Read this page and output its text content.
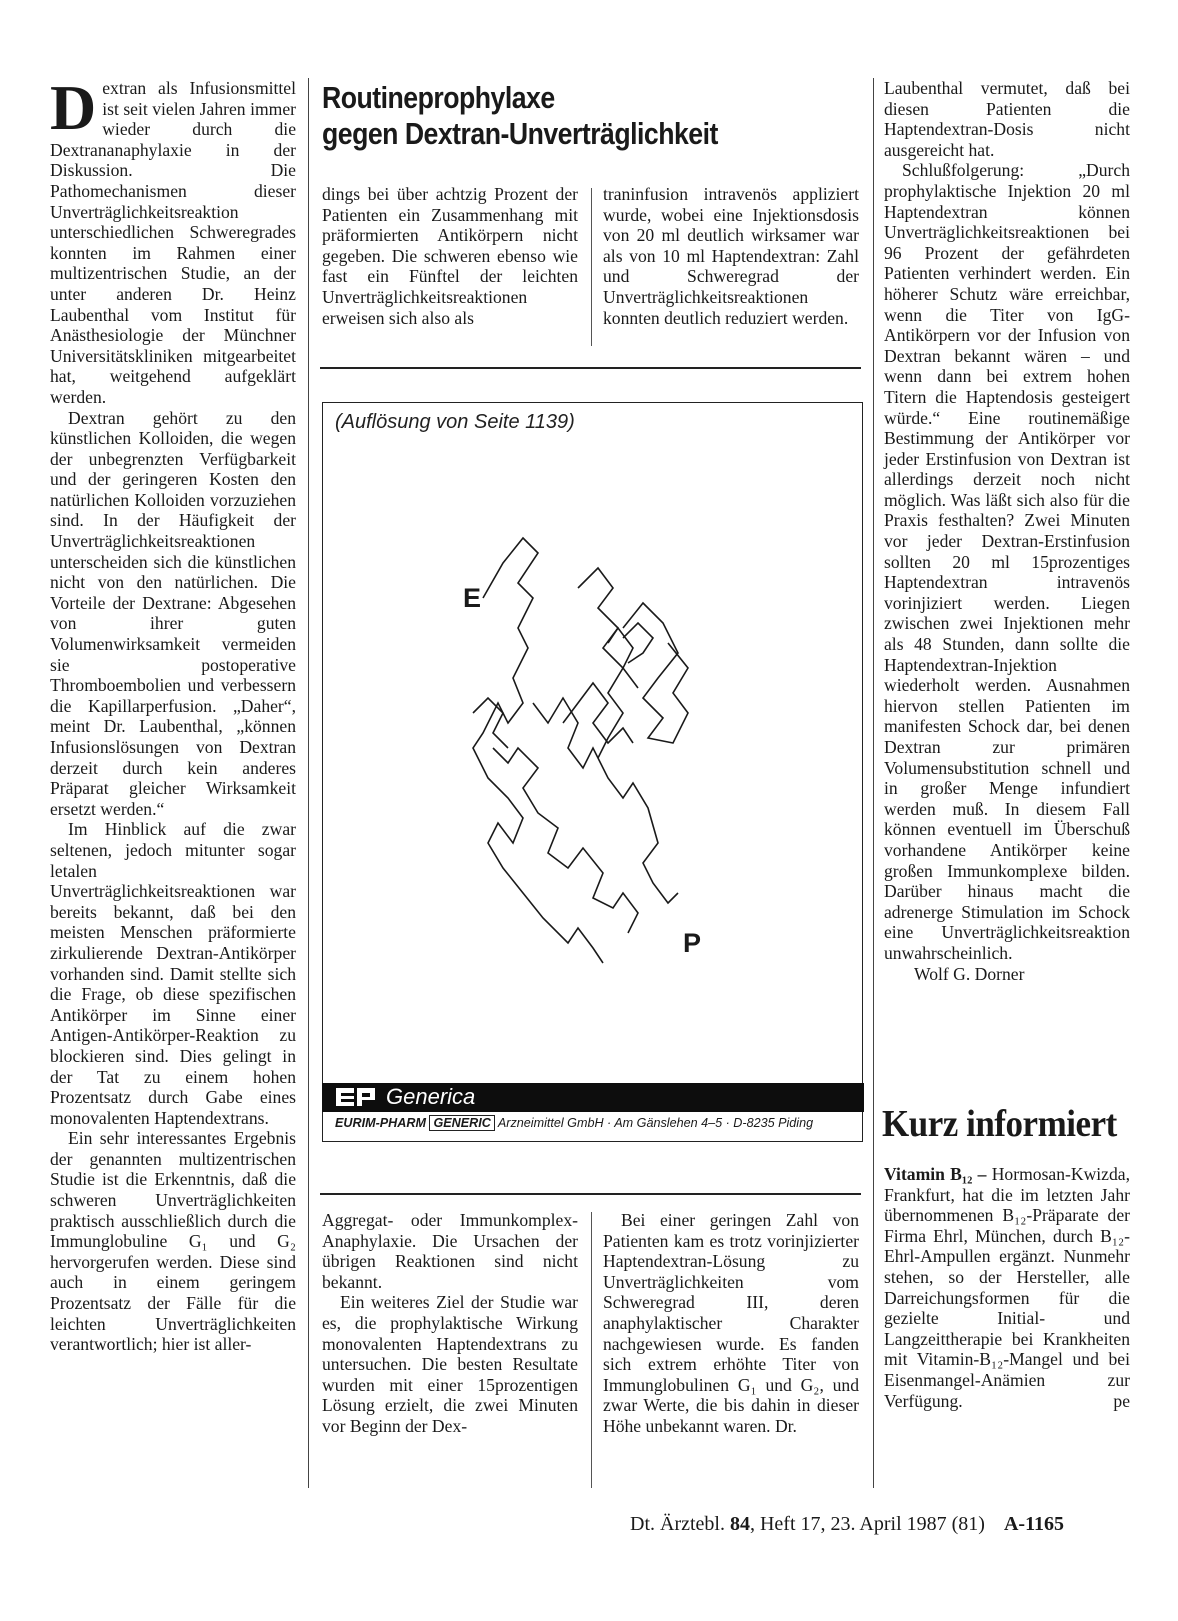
Dextran als Infusionsmittel ist seit vielen Jahren immer wieder durch die Dextrananaphylaxie in der Diskussion. Die Pathomechanismen dieser Unverträglichkeitsreaktion unterschiedlichen Schweregrades konnten im Rahmen einer multizentrischen Studie, an der unter anderen Dr. Heinz Laubenthal vom Institut für Anästhesiologie der Münchner Universitätskliniken mitgearbeitet hat, weitgehend aufgeklärt werden.

Dextran gehört zu den künstlichen Kolloiden, die wegen der unbegrenzten Verfügbarkeit und der geringeren Kosten den natürlichen Kolloiden vorzuziehen sind. In der Häufigkeit der Unverträglichkeitsreaktionen unterscheiden sich die künstlichen nicht von den natürlichen. Die Vorteile der Dextrane: Abgesehen von ihrer guten Volumenwirksamkeit vermeiden sie postoperative Thromboembolien und verbessern die Kapillarperfusion. „Daher“, meint Dr. Laubenthal, „können Infusionslösungen von Dextran derzeit durch kein anderes Präparat gleicher Wirksamkeit ersetzt werden.“

Im Hinblick auf die zwar seltenen, jedoch mitunter sogar letalen Unverträglichkeitsreaktionen war bereits bekannt, daß bei den meisten Menschen präformierte zirkulierende Dextran-Antikörper vorhanden sind. Damit stellte sich die Frage, ob diese spezifischen Antikörper im Sinne einer Antigen-Antikörper-Reaktion zu blockieren sind. Dies gelingt in der Tat zu einem hohen Prozentsatz durch Gabe eines monovalenten Haptendextrans.

Ein sehr interessantes Ergebnis der genannten multizentrischen Studie ist die Erkenntnis, daß die schweren Unverträglichkeiten praktisch ausschließlich durch die Immunglobuline G₁ und G₂ hervorgerufen werden. Diese sind auch in einem geringem Prozentsatz der Fälle für die leichten Unverträglichkeiten verantwortlich; hier ist aller-

Routineprophylaxe
gegen Dextran-Unverträglichkeit

dings bei über achtzig Prozent der Patienten ein Zusammenhang mit präformierten Antikörpern nicht gegeben. Die schweren ebenso wie fast ein Fünftel der leichten Unverträglichkeitsreaktionen erweisen sich also als

traninfusion intravenös appliziert wurde, wobei eine Injektionsdosis von 20 ml deutlich wirksamer war als von 10 ml Haptendextran: Zahl und Schweregrad der Unverträglichkeitsreaktionen konnten deutlich reduziert werden.

(Auflösung von Seite 1139)
E
P
Generica
EURIM-PHARM GENERIC Arzneimittel GmbH · Am Gänslehen 4–5 · D-8235 Piding

Aggregat- oder Immunkomplex-Anaphylaxie. Die Ursachen der übrigen Reaktionen sind nicht bekannt.

Ein weiteres Ziel der Studie war es, die prophylaktische Wirkung monovalenten Haptendextrans zu untersuchen. Die besten Resultate wurden mit einer 15prozentigen Lösung erzielt, die zwei Minuten vor Beginn der Dex-

Bei einer geringen Zahl von Patienten kam es trotz vorinjizierter Haptendextran-Lösung zu Unverträglichkeiten vom Schweregrad III, deren anaphylaktischer Charakter nachgewiesen wurde. Es fanden sich extrem erhöhte Titer von Immunglobulinen G₁ und G₂, und zwar Werte, die bis dahin in dieser Höhe unbekannt waren. Dr.

Laubenthal vermutet, daß bei diesen Patienten die Haptendextran-Dosis nicht ausgereicht hat.

Schlußfolgerung: „Durch prophylaktische Injektion 20 ml Haptendextran können Unverträglichkeitsreaktionen bei 96 Prozent der gefährdeten Patienten verhindert werden. Ein höherer Schutz wäre erreichbar, wenn die Titer von IgG-Antikörpern vor der Infusion von Dextran bekannt wären – und wenn dann bei extrem hohen Titern die Haptendosis gesteigert würde.“ Eine routinemäßige Bestimmung der Antikörper vor jeder Erstinfusion von Dextran ist allerdings derzeit noch nicht möglich. Was läßt sich also für die Praxis festhalten? Zwei Minuten vor jeder Dextran-Erstinfusion sollten 20 ml 15prozentiges Haptendextran intravenös vorinjiziert werden. Liegen zwischen zwei Injektionen mehr als 48 Stunden, dann sollte die Haptendextran-Injektion wiederholt werden. Ausnahmen hiervon stellen Patienten im manifesten Schock dar, bei denen Dextran zur primären Volumensubstitution schnell und in großer Menge infundiert werden muß. In diesem Fall können eventuell im Überschuß vorhandene Antikörper keine großen Immunkomplexe bilden. Darüber hinaus macht die adrenerge Stimulation im Schock eine Unverträglichkeitsreaktion unwahrscheinlich.

Wolf G. Dorner

Kurz informiert

Vitamin B₁₂ – Hormosan-Kwizda, Frankfurt, hat die im letzten Jahr übernommenen B₁₂-Präparate der Firma Ehrl, München, durch B₁₂-Ehrl-Ampullen ergänzt. Nunmehr stehen, so der Hersteller, alle Darreichungsformen für die gezielte Initial- und Langzeittherapie bei Krankheiten mit Vitamin-B₁₂-Mangel und bei Eisenmangel-Anämien zur Verfügung.	pe

Dt. Ärztebl. 84, Heft 17, 23. April 1987 (81) A-1165
